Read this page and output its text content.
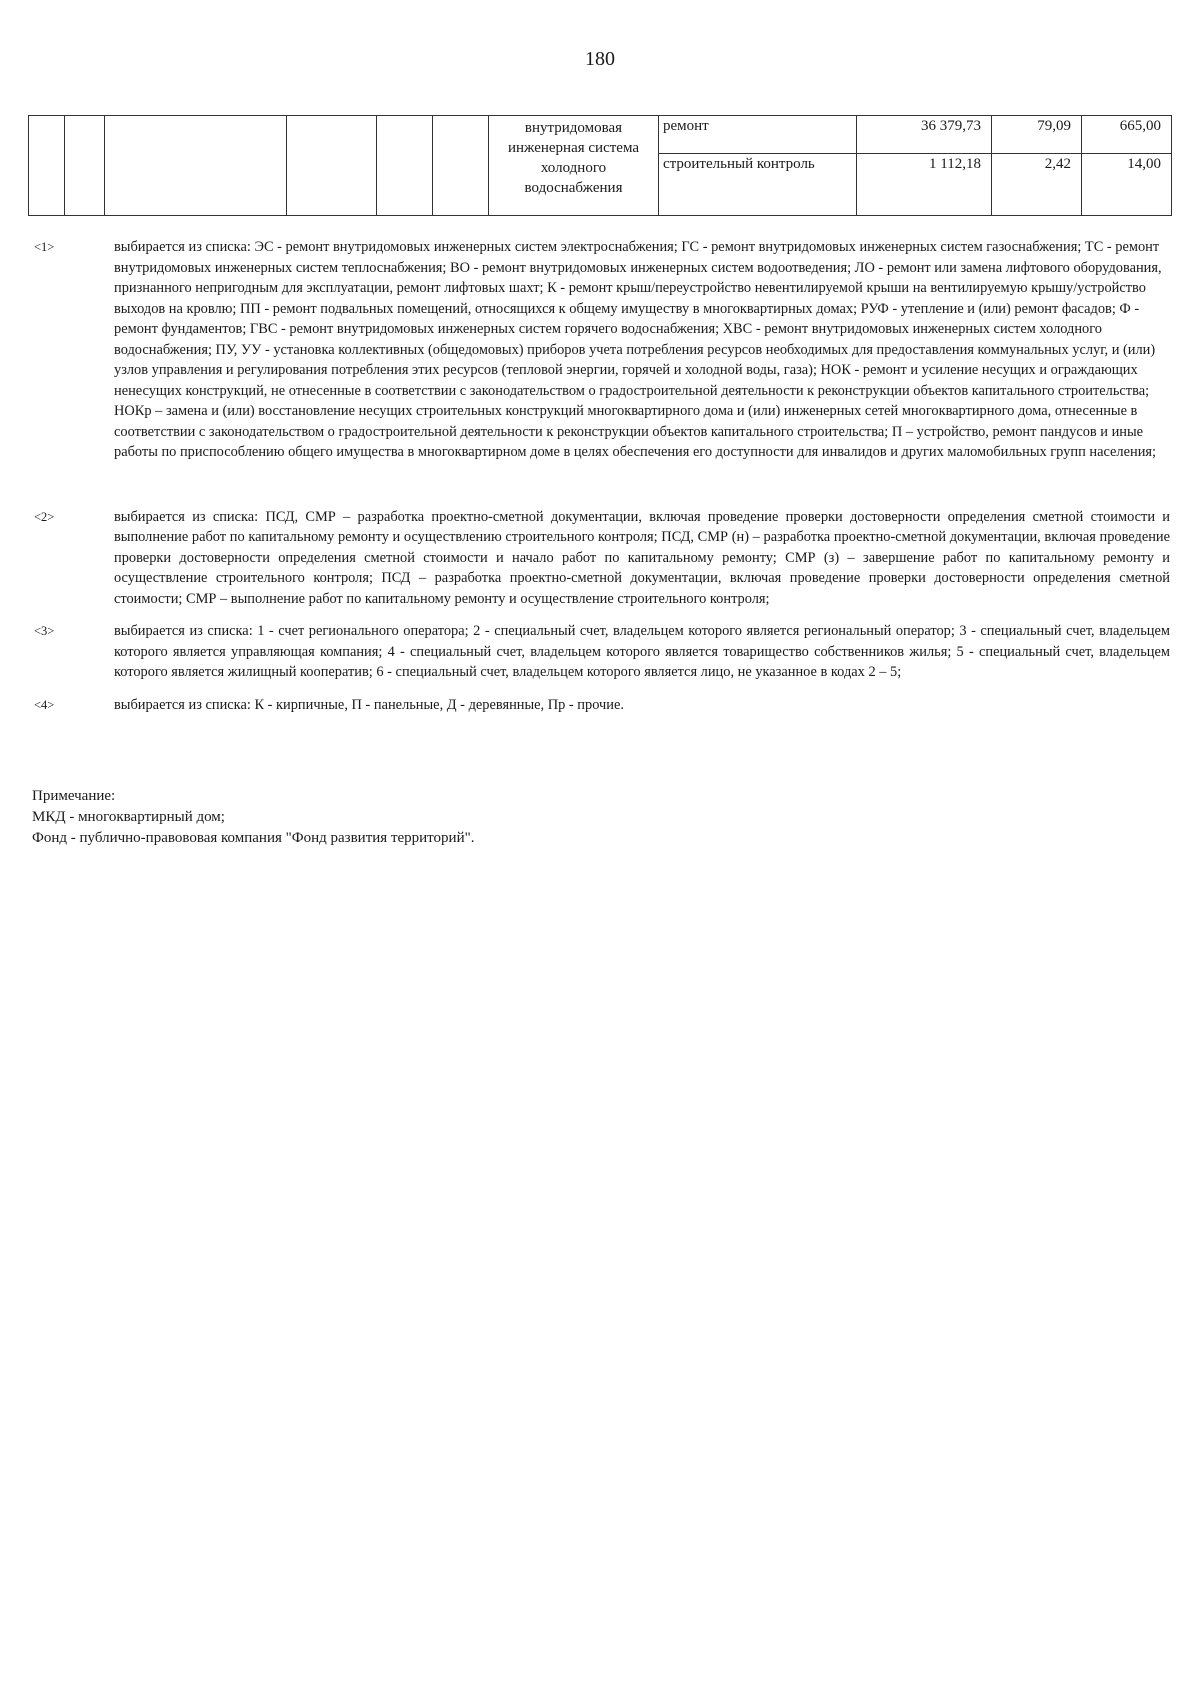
180
						внутридомовая инженерная система холодного водоснабжения	ремонт	36 379,73	79,09	665,00
							строительный контроль	1 112,18	2,42	14,00
<1>	выбирается из списка: ЭС - ремонт внутридомовых инженерных систем электроснабжения; ГС - ремонт внутридомовых инженерных систем газоснабжения; ТС - ремонт внутридомовых инженерных систем теплоснабжения; ВО - ремонт внутридомовых инженерных систем водоотведения; ЛО - ремонт или замена лифтового оборудования, признанного непригодным для эксплуатации, ремонт лифтовых шахт; К - ремонт крыш/переустройство невентилируемой крыши на вентилируемую крышу/устройство выходов на кровлю; ПП - ремонт подвальных помещений, относящихся к общему имуществу в многоквартирных домах; РУФ - утепление и (или) ремонт фасадов; Ф - ремонт фундаментов; ГВС - ремонт внутридомовых инженерных систем горячего водоснабжения; ХВС - ремонт внутридомовых инженерных систем холодного водоснабжения; ПУ, УУ - установка коллективных (общедомовых) приборов учета потребления ресурсов необходимых для предоставления коммунальных услуг, и (или) узлов управления и регулирования потребления этих ресурсов (тепловой энергии, горячей и холодной воды, газа); НОК - ремонт и усиление несущих и ограждающих ненесущих конструкций, не отнесенные в соответствии с законодательством о градостроительной деятельности к реконструкции объектов капитального строительства; НОКр – замена и (или) восстановление несущих строительных конструкций многоквартирного дома и (или) инженерных сетей многоквартирного дома, отнесенные в соответствии с законодательством о градостроительной деятельности к реконструкции объектов капитального строительства; П – устройство, ремонт пандусов и иные работы по приспособлению общего имущества в многоквартирном доме в целях обеспечения его доступности для инвалидов и других маломобильных групп населения;
<2>	выбирается из списка: ПСД, СМР – разработка проектно-сметной документации, включая проведение проверки достоверности определения сметной стоимости и выполнение работ по капитальному ремонту и осуществлению строительного контроля; ПСД, СМР (н) – разработка проектно-сметной документации, включая проведение проверки достоверности определения сметной стоимости и начало работ по капитальному ремонту; СМР (з) – завершение работ по капитальному ремонту и осуществление строительного контроля; ПСД – разработка проектно-сметной документации, включая проведение проверки достоверности определения сметной стоимости; СМР – выполнение работ по капитальному ремонту и осуществление строительного контроля;
<3>	выбирается из списка: 1 - счет регионального оператора; 2 - специальный счет, владельцем которого является региональный оператор; 3 - специальный счет, владельцем которого является управляющая компания; 4 - специальный счет, владельцем которого является товарищество собственников жилья; 5 - специальный счет, владельцем которого является жилищный кооператив; 6 - специальный счет, владельцем которого является лицо, не указанное в кодах 2 – 5;
<4>	выбирается из списка: К - кирпичные, П - панельные, Д - деревянные, Пр - прочие.
Примечание:
МКД - многоквартирный дом;
Фонд - публично-правововая компания "Фонд развития территорий".
